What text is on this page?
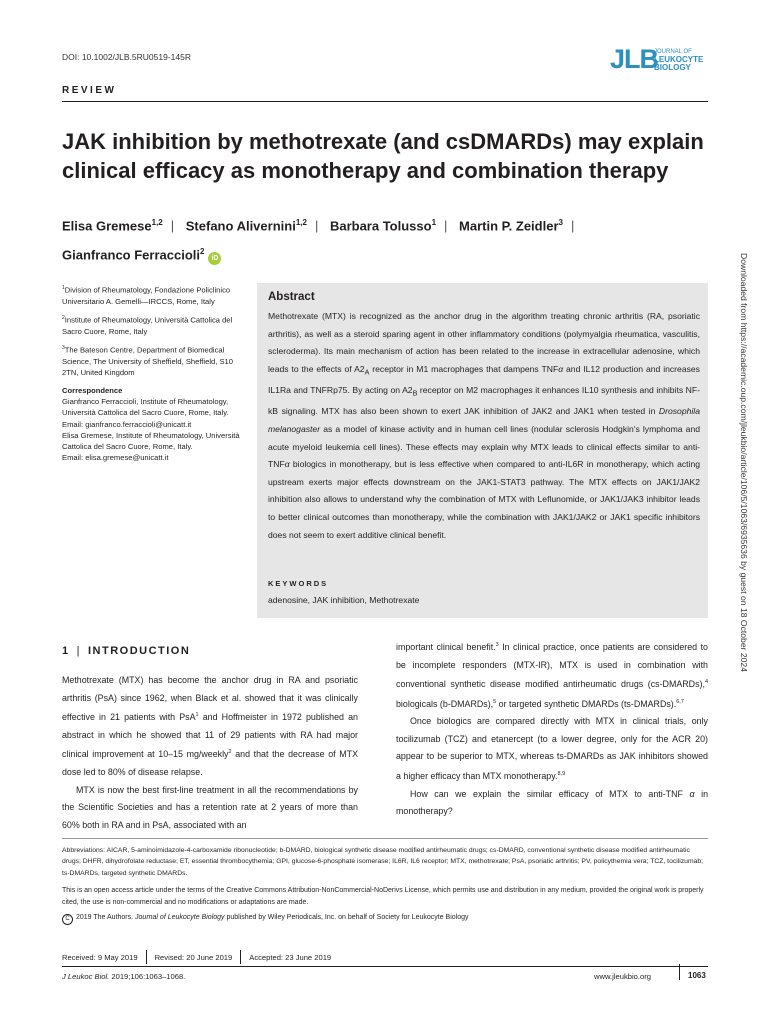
DOI: 10.1002/JLB.5RU0519-145R	JLB
JOURNAL OF
LEUKOCYTE
BIOLOGY
REVIEW
JAK inhibition by methotrexate (and csDMARDs) may explain clinical efficacy as monotherapy and combination therapy
Elisa Gremese$^{1,2}$ | Stefano Alivernini$^{1,2}$ | Barbara Tolusso$^1$ | Martin P. Zeidler$^3$ |
Gianfranco Ferraccioli$^2$iD

$^1$Division of Rheumatology, Fondazione Policlinico Universitario A. Gemelli—IRCCS, Rome, Italy

$^2$Institute of Rheumatology, Università Cattolica del Sacro Cuore, Rome, Italy

$^3$The Bateson Centre, Department of Biomedical Science, The University of Sheffield, Sheffield, S10 2TN, United Kingdom

Correspondence
Gianfranco Ferraccioli, Institute of Rheumatology, Università Cattolica del Sacro Cuore, Rome, Italy.
Email: gianfranco.ferraccioli@unicatt.it
Elisa Gremese, Institute of Rheumatology, Università Cattolica del Sacro Cuore, Rome, Italy.
Email: elisa.gremese@unicatt.it
Abstract
Methotrexate (MTX) is recognized as the anchor drug in the algorithm treating chronic arthritis (RA, psoriatic arthritis), as well as a steroid sparing agent in other inflammatory conditions (polymyalgia rheumatica, vasculitis, scleroderma). Its main mechanism of action has been related to the increase in extracellular adenosine, which leads to the effects of $A2_A$ receptor in M1 macrophages that dampens TNFα and IL12 production and increases IL1Ra and TNFRp75. By acting on $A2_B$ receptor on M2 macrophages it enhances IL10 synthesis and inhibits NF-kB signaling. MTX has also been shown to exert JAK inhibition of JAK2 and JAK1 when tested in Drosophila melanogaster as a model of kinase activity and in human cell lines (nodular sclerosis Hodgkin's lymphoma and acute myeloid leukemia cell lines). These effects may explain why MTX leads to clinical effects similar to anti-TNFα biologics in monotherapy, but is less effective when compared to anti-IL6R in monotherapy, which acting upstream exerts major effects downstream on the JAK1-STAT3 pathway. The MTX effects on JAK1/JAK2 inhibition also allows to understand why the combination of MTX with Leflunomide, or JAK1/JAK3 inhibitor leads to better clinical outcomes than monotherapy, while the combination with JAK1/JAK2 or JAK1 specific inhibitors does not seem to exert additive clinical benefit.
KEYWORDS
adenosine, JAK inhibition, Methotrexate	Downloaded from https://academic.oup.com/jleukbio/article/106/5/1063/6935636 by guest on 18 October 2024
1 | INTRODUCTION

Methotrexate (MTX) has become the anchor drug in RA and psoriatic arthritis (PsA) since 1962, when Black et al. showed that it was clinically effective in 21 patients with PsA$^1$ and Hoffmeister in 1972 published an abstract in which he showed that 11 of 29 patients with RA had major clinical improvement at 10–15 mg/weekly$^2$ and that the decrease of MTX dose led to 80% of disease relapse.

MTX is now the best first-line treatment in all the recommendations by the Scientific Societies and has a retention rate at 2 years of more than 60% both in RA and in PsA, associated with an

important clinical benefit.$^3$ In clinical practice, once patients are considered to be incomplete responders (MTX-IR), MTX is used in combination with conventional synthetic disease modified antirheumatic drugs (cs-DMARDs),$^4$ biologicals (b-DMARDs),$^5$ or targeted synthetic DMARDs (ts-DMARDs).$^{6,7}$

Once biologics are compared directly with MTX in clinical trials, only tocilizumab (TCZ) and etanercept (to a lower degree, only for the ACR 20) appear to be superior to MTX, whereas ts-DMARDs as JAK inhibitors showed a higher efficacy than MTX monotherapy.$^{8,9}$

How can we explain the similar efficacy of MTX to anti-TNF α in monotherapy?

Abbreviations: AICAR, 5-aminoimidazole-4-carboxamide ribonucleotide; b-DMARD, biological synthetic disease modified antirheumatic drugs; cs-DMARD, conventional synthetic disease modified antirheumatic drugs; DHFR, dihydrofolate reductase; ET, essential thrombocythemia; GPI, glucose-6-phosphate isomerase; IL6R, IL6 receptor; MTX, methotrexate; PsA, psoriatic arthritis; PV, policythemia vera; TCZ, tocilizumab; ts-DMARDs, targeted synthetic DMARDs.
This is an open access article under the terms of the Creative Commons Attribution-NonCommercial-NoDerivs License, which permits use and distribution in any medium, provided the original work is properly cited, the use is non-commercial and no modifications or adaptations are made.
C 2019 The Authors. Journal of Leukocyte Biology published by Wiley Periodicals, Inc. on behalf of Society for Leukocyte Biology
Received: 9 May 2019 Revised: 20 June 2019 Accepted: 23 June 2019
J Leukoc Biol. 2019;106:1063–1068.	www.jleukbio.org	1063
